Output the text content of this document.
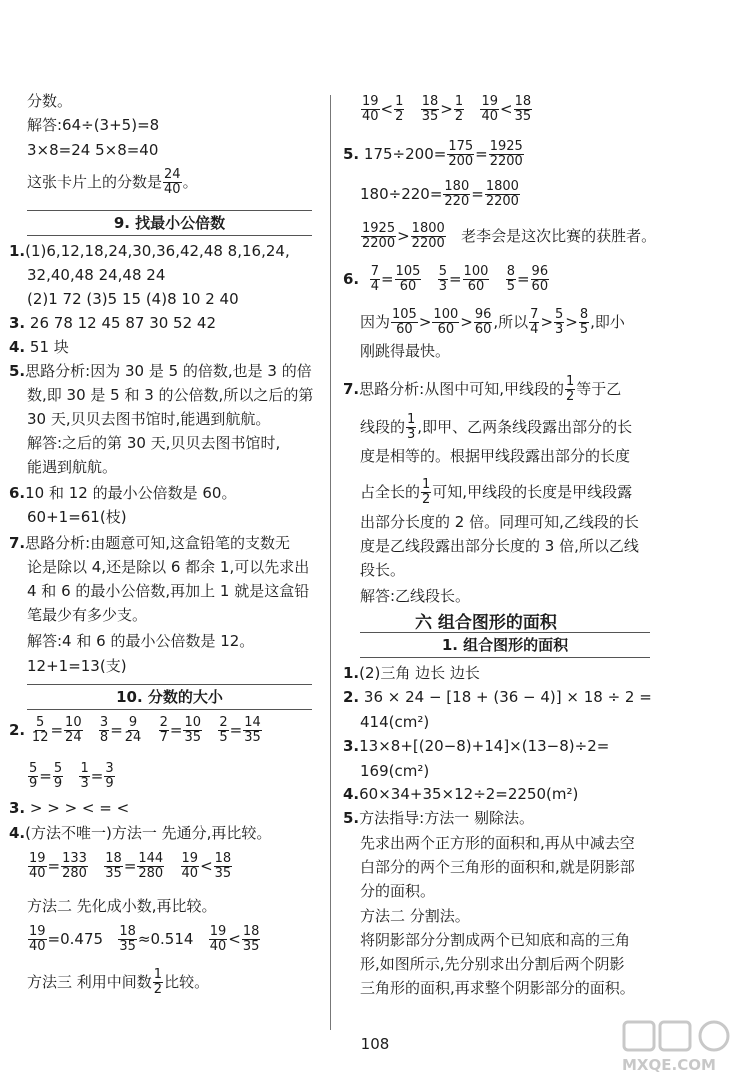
分数。
解答:64÷(3+5)=8
3×8=24 5×8=40
这张卡片上的分数是 $\frac{24}{40}$ 。
9. 找最小公倍数
1.(1)6,12,18,24,30,36,42,48 8,16,24,
32,40,48 24,48 24
(2)1 72 (3)5 15 (4)8 10 2 40
3. 26 78 12 45 87 30 52 42
4. 51 块
5.思路分析:因为 30 是 5 的倍数,也是 3 的倍
数,即 30 是 5 和 3 的公倍数,所以之后的第
30 天,贝贝去图书馆时,能遇到航航。
解答:之后的第 30 天,贝贝去图书馆时,
能遇到航航。
6.10 和 12 的最小公倍数是 60。
60+1=61(枝)
7.思路分析:由题意可知,这盒铅笔的支数无
论是除以 4,还是除以 6 都余 1,可以先求出
4 和 6 的最小公倍数,再加上 1 就是这盒铅
笔最少有多少支。
解答:4 和 6 的最小公倍数是 12。
12+1=13(支)
10. 分数的大小
2. $\frac{5}{12} = \frac{10}{24}$
$\frac{3}{8} = \frac{9}{24}$
$\frac{2}{7} = \frac{10}{35}$
$\frac{2}{5} = \frac{14}{35}$
$\frac{5}{9} = \frac{5}{9}$
$\frac{1}{3} = \frac{3}{9}$
3. > > > < = <
4.(方法不唯一)方法一 先通分,再比较。
$\frac{19}{40} = \frac{133}{280}$
$\frac{18}{35} = \frac{144}{280}$
$\frac{19}{40} < \frac{18}{35}$
方法二 先化成小数,再比较。
$\frac{19}{40} =0.475 \frac{18}{35} \approx 0.514 \frac{19}{40} < \frac{18}{35}$
方法三 利用中间数 $\frac{1}{2}$ 比较。
$\frac{19}{40} < \frac{1}{2}$
$\frac{18}{35} > \frac{1}{2}$
$\frac{19}{40} < \frac{18}{35}$
5. $175\div 200= \frac{175}{200} = \frac{1925}{2200}$
$180\div 220= \frac{180}{220} = \frac{1800}{2200}$
$\frac{1925}{2200} > \frac{1800}{2200}$ 老李会是这次比赛的获胜者。
6. $\frac{7}{4} = \frac{105}{60}$
$\frac{5}{3} = \frac{100}{60}$
$\frac{8}{5} = \frac{96}{60}$
因为 $\frac{105}{60} > \frac{100}{60} > \frac{96}{60}$ ,所以 $\frac{7}{4} > \frac{5}{3} > \frac{8}{5}$ ,即小
刚跳得最快。
7.思路分析:从图中可知,甲线段的 $\frac{1}{2}$ 等于乙
线段的 $\frac{1}{3}$ ,即甲、乙两条线段露出部分的长
度是相等的。根据甲线段露出部分的长度
占全长的 $\frac{1}{2}$ 可知,甲线段的长度是甲线段露
出部分长度的 2 倍。同理可知,乙线段的长
度是乙线段露出部分长度的 3 倍,所以乙线
段长。
解答:乙线段长。
六 组合图形的面积
1. 组合图形的面积
1.(2)三角 边长 边长
2. 36 × 24 − [18 + (36 − 4)] × 18 ÷ 2 =
414(cm²)
3.13×8+[(20−8)+14]×(13−8)÷2=
169(cm²)
4.60×34+35×12÷2=2250(m²)
5.方法指导:方法一 剔除法。
先求出两个正方形的面积和,再从中减去空
白部分的两个三角形的面积和,就是阴影部
分的面积。
方法二 分割法。
将阴影部分分割成两个已知底和高的三角
形,如图所示,先分别求出分割后两个阴影
三角形的面积,再求整个阴影部分的面积。
108
MXQE.COM
